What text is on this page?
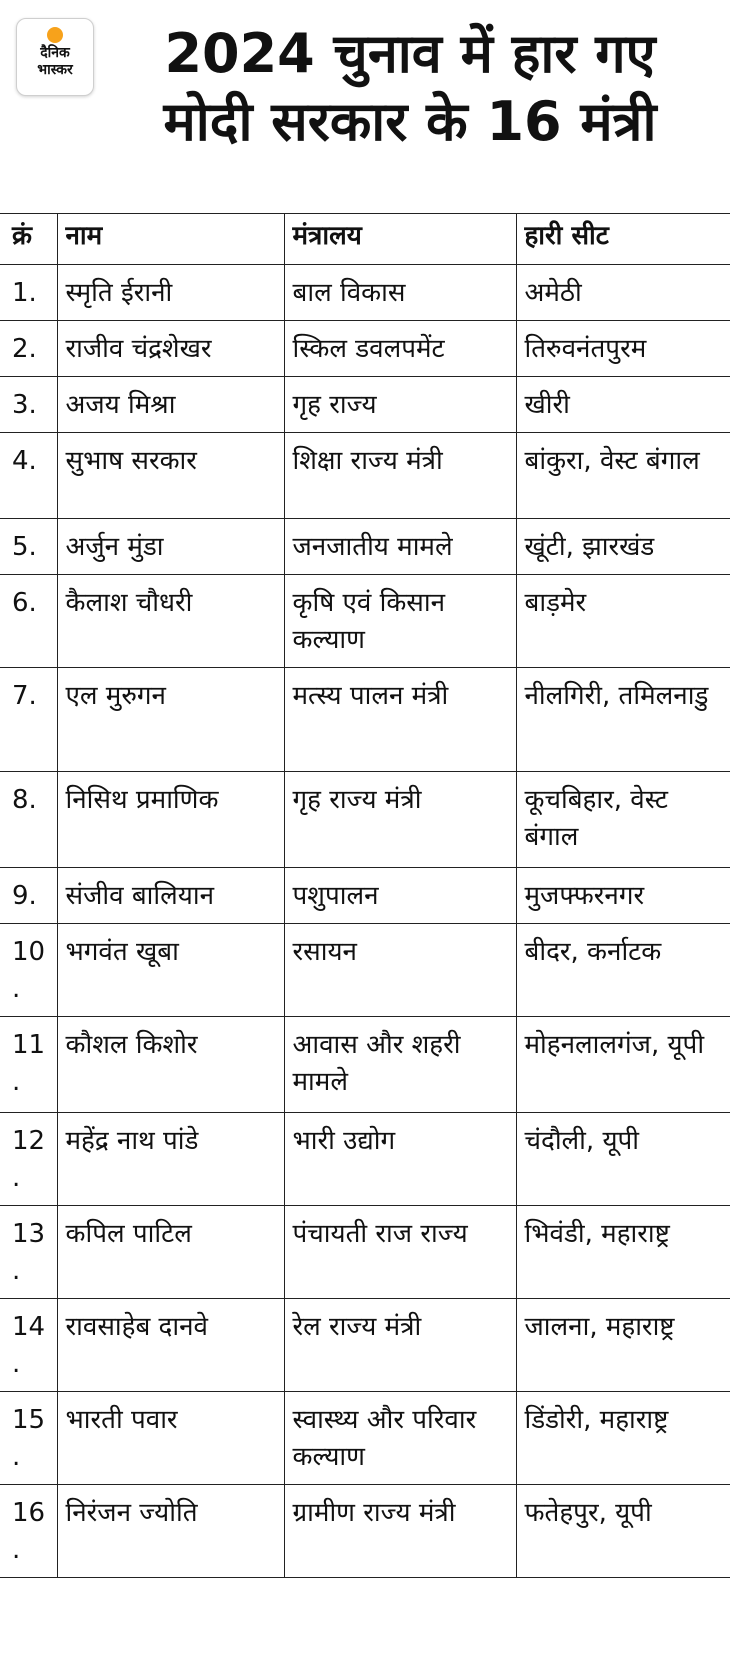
दैनिक
भास्कर	2024 चुनाव में हार गए
मोदी सरकार के 16 मंत्री
क्रं	नाम	मंत्रालय	हारी सीट
1.	स्मृति ईरानी	बाल विकास	अमेठी
2.	राजीव चंद्रशेखर	स्किल डवलपमेंट	तिरुवनंतपुरम
3.	अजय मिश्रा	गृह राज्य	खीरी
4.	सुभाष सरकार	शिक्षा राज्य मंत्री	बांकुरा, वेस्ट बंगाल
5.	अर्जुन मुंडा	जनजातीय मामले	खूंटी, झारखंड
6.	कैलाश चौधरी	कृषि एवं किसान कल्याण	बाड़मेर
7.	एल मुरुगन	मत्स्य पालन मंत्री	नीलगिरी, तमिलनाडु
8.	निसिथ प्रमाणिक	गृह राज्य मंत्री	कूचबिहार, वेस्ट बंगाल
9.	संजीव बालियान	पशुपालन	मुजफ्फरनगर
10.	भगवंत खूबा	रसायन	बीदर, कर्नाटक
11.	कौशल किशोर	आवास और शहरी मामले	मोहनलालगंज, यूपी
12.	महेंद्र नाथ पांडे	भारी उद्योग	चंदौली, यूपी
13.	कपिल पाटिल	पंचायती राज राज्य	भिवंडी, महाराष्ट्र
14.	रावसाहेब दानवे	रेल राज्य मंत्री	जालना, महाराष्ट्र
15.	भारती पवार	स्वास्थ्य और परिवार कल्याण	डिंडोरी, महाराष्ट्र
16.	निरंजन ज्योति	ग्रामीण राज्य मंत्री	फतेहपुर, यूपी
